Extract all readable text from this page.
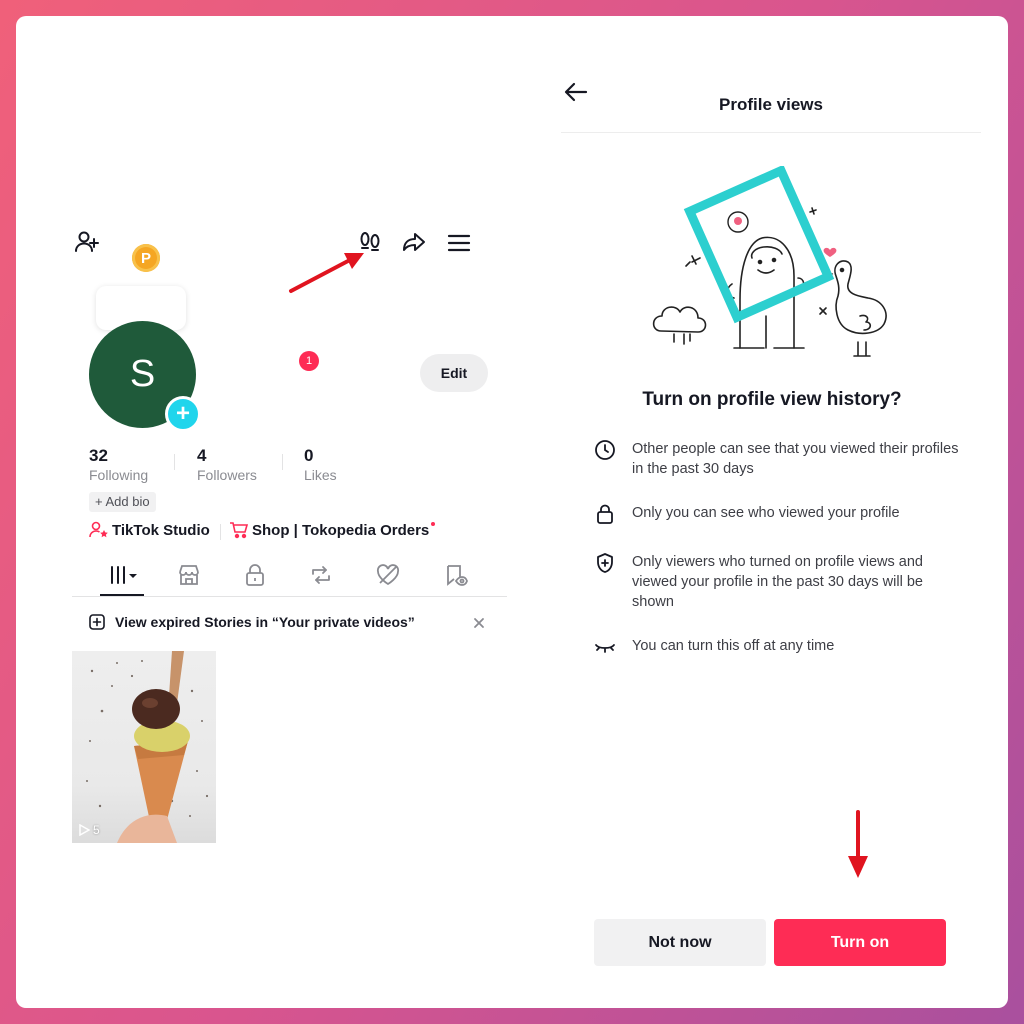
P
S
+
1
Edit
32
Following
4
Followers
0
Likes
+ Add bio
TikTok Studio	Shop | Tokopedia Orders
View expired Stories in “Your private videos”
5
Profile views
Turn on profile view history?
Other people can see that you viewed their profiles in the past 30 days
Only you can see who viewed your profile
Only viewers who turned on profile views and viewed your profile in the past 30 days will be shown
You can turn this off at any time
Not now	Turn on
